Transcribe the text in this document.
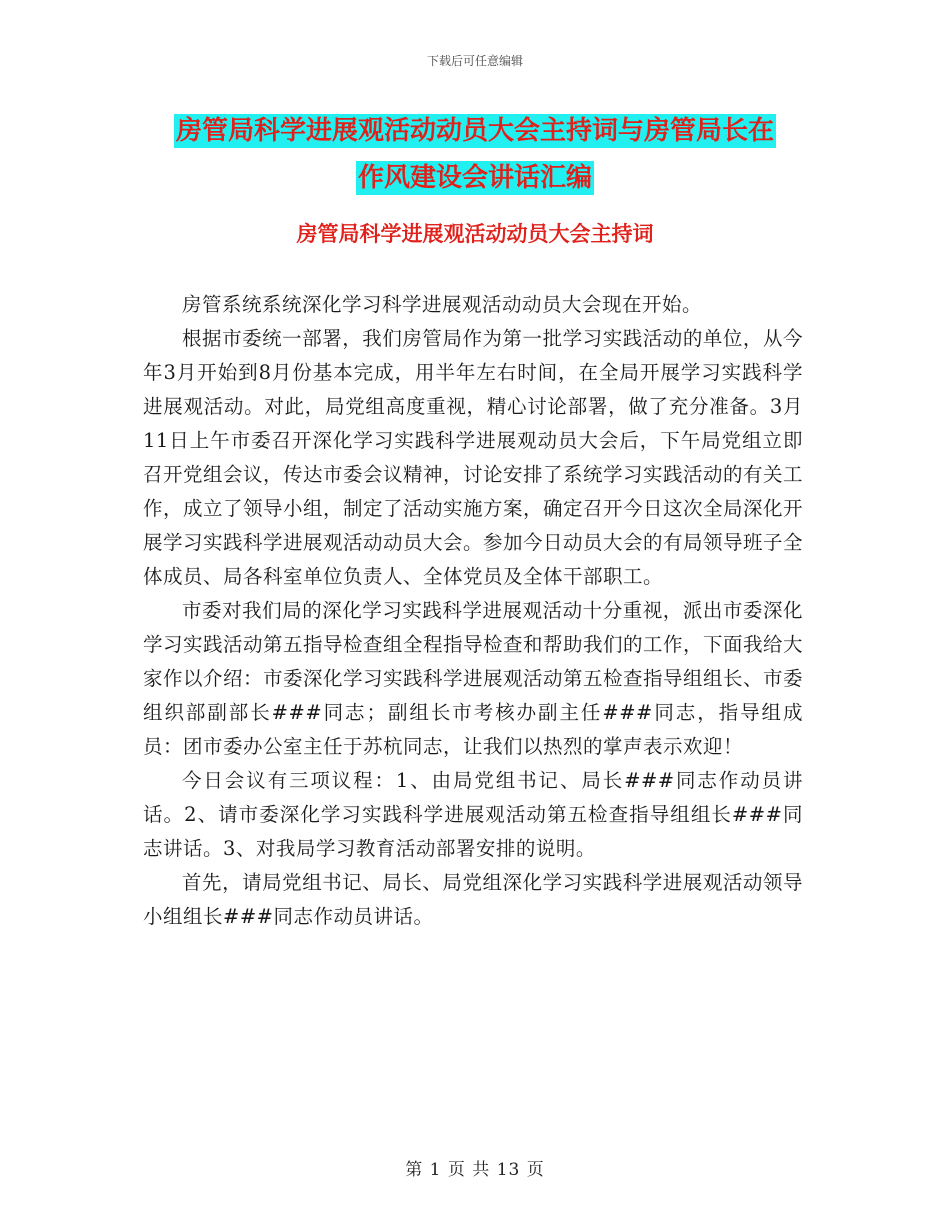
下载后可任意编辑
房管局科学进展观活动动员大会主持词与房管局长在
作风建设会讲话汇编
房管局科学进展观活动动员大会主持词

房管系统系统深化学习科学进展观活动动员大会现在开始。

根据市委统一部署，我们房管局作为第一批学习实践活动的单位，从今年3月开始到8月份基本完成，用半年左右时间，在全局开展学习实践科学进展观活动。对此，局党组高度重视，精心讨论部署，做了充分准备。3月11日上午市委召开深化学习实践科学进展观动员大会后，下午局党组立即召开党组会议，传达市委会议精神，讨论安排了系统学习实践活动的有关工作，成立了领导小组，制定了活动实施方案，确定召开今日这次全局深化开展学习实践科学进展观活动动员大会。参加今日动员大会的有局领导班子全体成员、局各科室单位负责人、全体党员及全体干部职工。

市委对我们局的深化学习实践科学进展观活动十分重视，派出市委深化学习实践活动第五指导检查组全程指导检查和帮助我们的工作，下面我给大家作以介绍：市委深化学习实践科学进展观活动第五检查指导组组长、市委组织部副部长###同志；副组长市考核办副主任###同志，指导组成员：团市委办公室主任于苏杭同志，让我们以热烈的掌声表示欢迎！

今日会议有三项议程：1、由局党组书记、局长###同志作动员讲话。2、请市委深化学习实践科学进展观活动第五检查指导组组长###同志讲话。3、对我局学习教育活动部署安排的说明。

首先，请局党组书记、局长、局党组深化学习实践科学进展观活动领导小组组长###同志作动员讲话。

第 1 页 共 13 页
